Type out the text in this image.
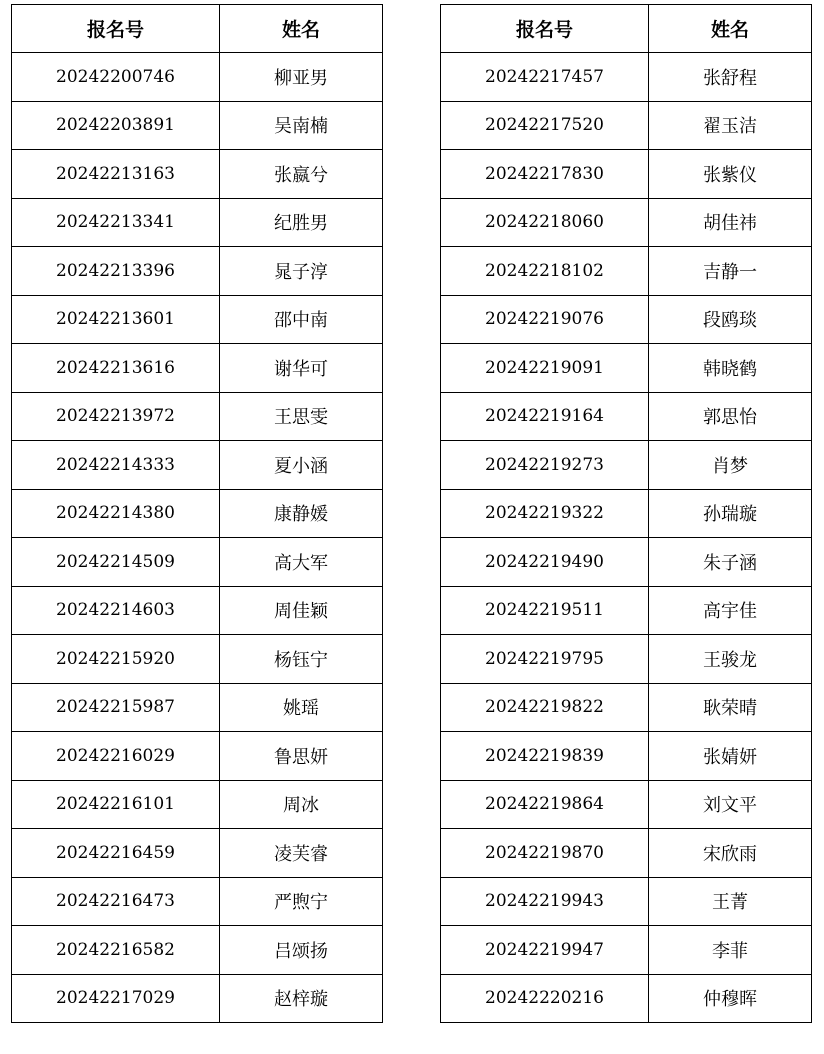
报名号	姓名
20242200746	柳亚男
20242203891	吴南楠
20242213163	张嬴兮
20242213341	纪胜男
20242213396	晁子淳
20242213601	邵中南
20242213616	谢华可
20242213972	王思雯
20242214333	夏小涵
20242214380	康静媛
20242214509	高大军
20242214603	周佳颖
20242215920	杨钰宁
20242215987	姚瑶
20242216029	鲁思妍
20242216101	周冰
20242216459	凌芙睿
20242216473	严煦宁
20242216582	吕颂扬
20242217029	赵梓璇
报名号	姓名
20242217457	张舒程
20242217520	翟玉洁
20242217830	张紫仪
20242218060	胡佳祎
20242218102	吉静一
20242219076	段鸥琰
20242219091	韩晓鹤
20242219164	郭思怡
20242219273	肖梦
20242219322	孙瑞璇
20242219490	朱子涵
20242219511	高宇佳
20242219795	王骏龙
20242219822	耿荣晴
20242219839	张婧妍
20242219864	刘文平
20242219870	宋欣雨
20242219943	王菁
20242219947	李菲
20242220216	仲穆晖
